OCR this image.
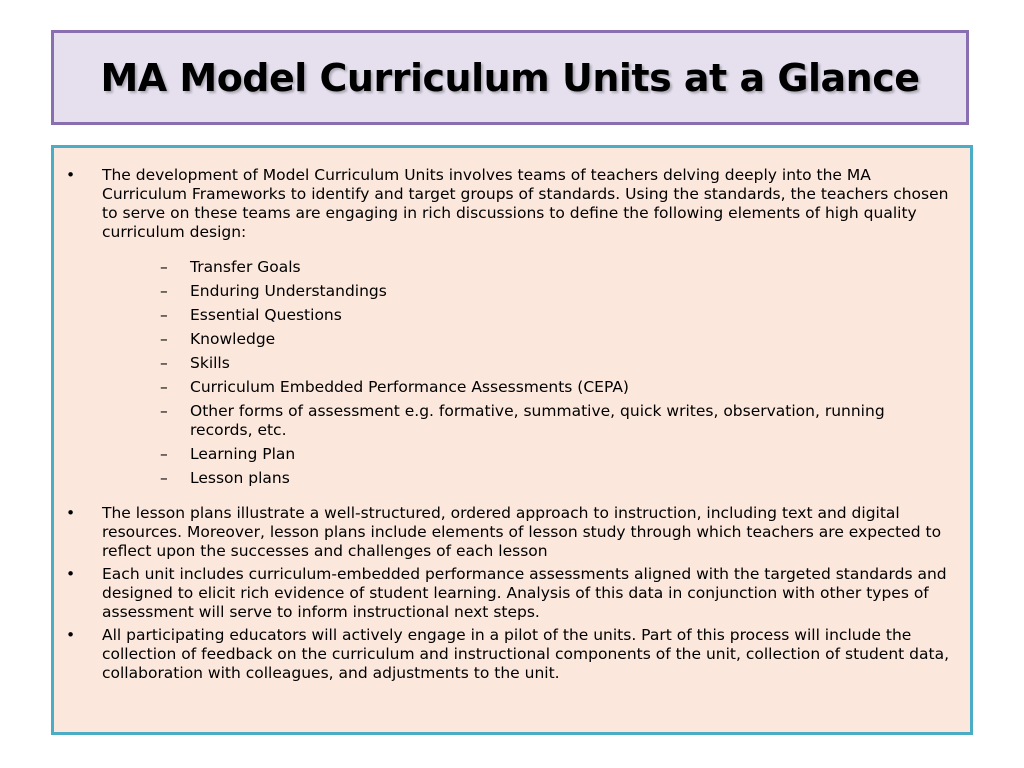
MA Model Curriculum Units at a Glance
• The development of Model Curriculum Units involves teams of teachers delving deeply into the MA Curriculum Frameworks to identify and target groups of standards. Using the standards, the teachers chosen to serve on these teams are engaging in rich discussions to define the following elements of high quality curriculum design:
– Transfer Goals
– Enduring Understandings
– Essential Questions
– Knowledge
– Skills
– Curriculum Embedded Performance Assessments (CEPA)
– Other forms of assessment e.g. formative, summative, quick writes, observation, running records, etc.
– Learning Plan
– Lesson plans
• The lesson plans illustrate a well-structured, ordered approach to instruction, including text and digital resources. Moreover, lesson plans include elements of lesson study through which teachers are expected to reflect upon the successes and challenges of each lesson
• Each unit includes curriculum-embedded performance assessments aligned with the targeted standards and designed to elicit rich evidence of student learning. Analysis of this data in conjunction with other types of assessment will serve to inform instructional next steps.
• All participating educators will actively engage in a pilot of the units. Part of this process will include the collection of feedback on the curriculum and instructional components of the unit, collection of student data, collaboration with colleagues, and adjustments to the unit.
